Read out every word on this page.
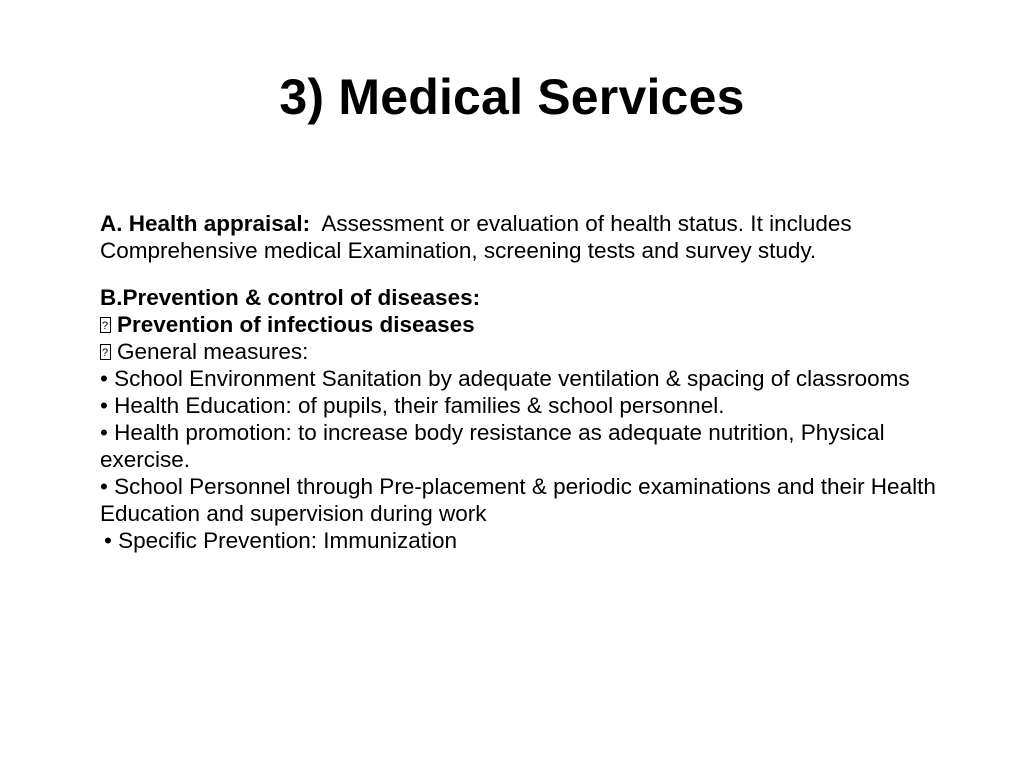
3) Medical Services

A. Health appraisal: Assessment or evaluation of health status. It includes Comprehensive medical Examination, screening tests and survey study.

B.Prevention & control of diseases:
?Prevention of infectious diseases
?General measures:
• School Environment Sanitation by adequate ventilation & spacing of classrooms
• Health Education: of pupils, their families & school personnel.
• Health promotion: to increase body resistance as adequate nutrition, Physical exercise.
• School Personnel through Pre-placement & periodic examinations and their Health Education and supervision during work
• Specific Prevention: Immunization
